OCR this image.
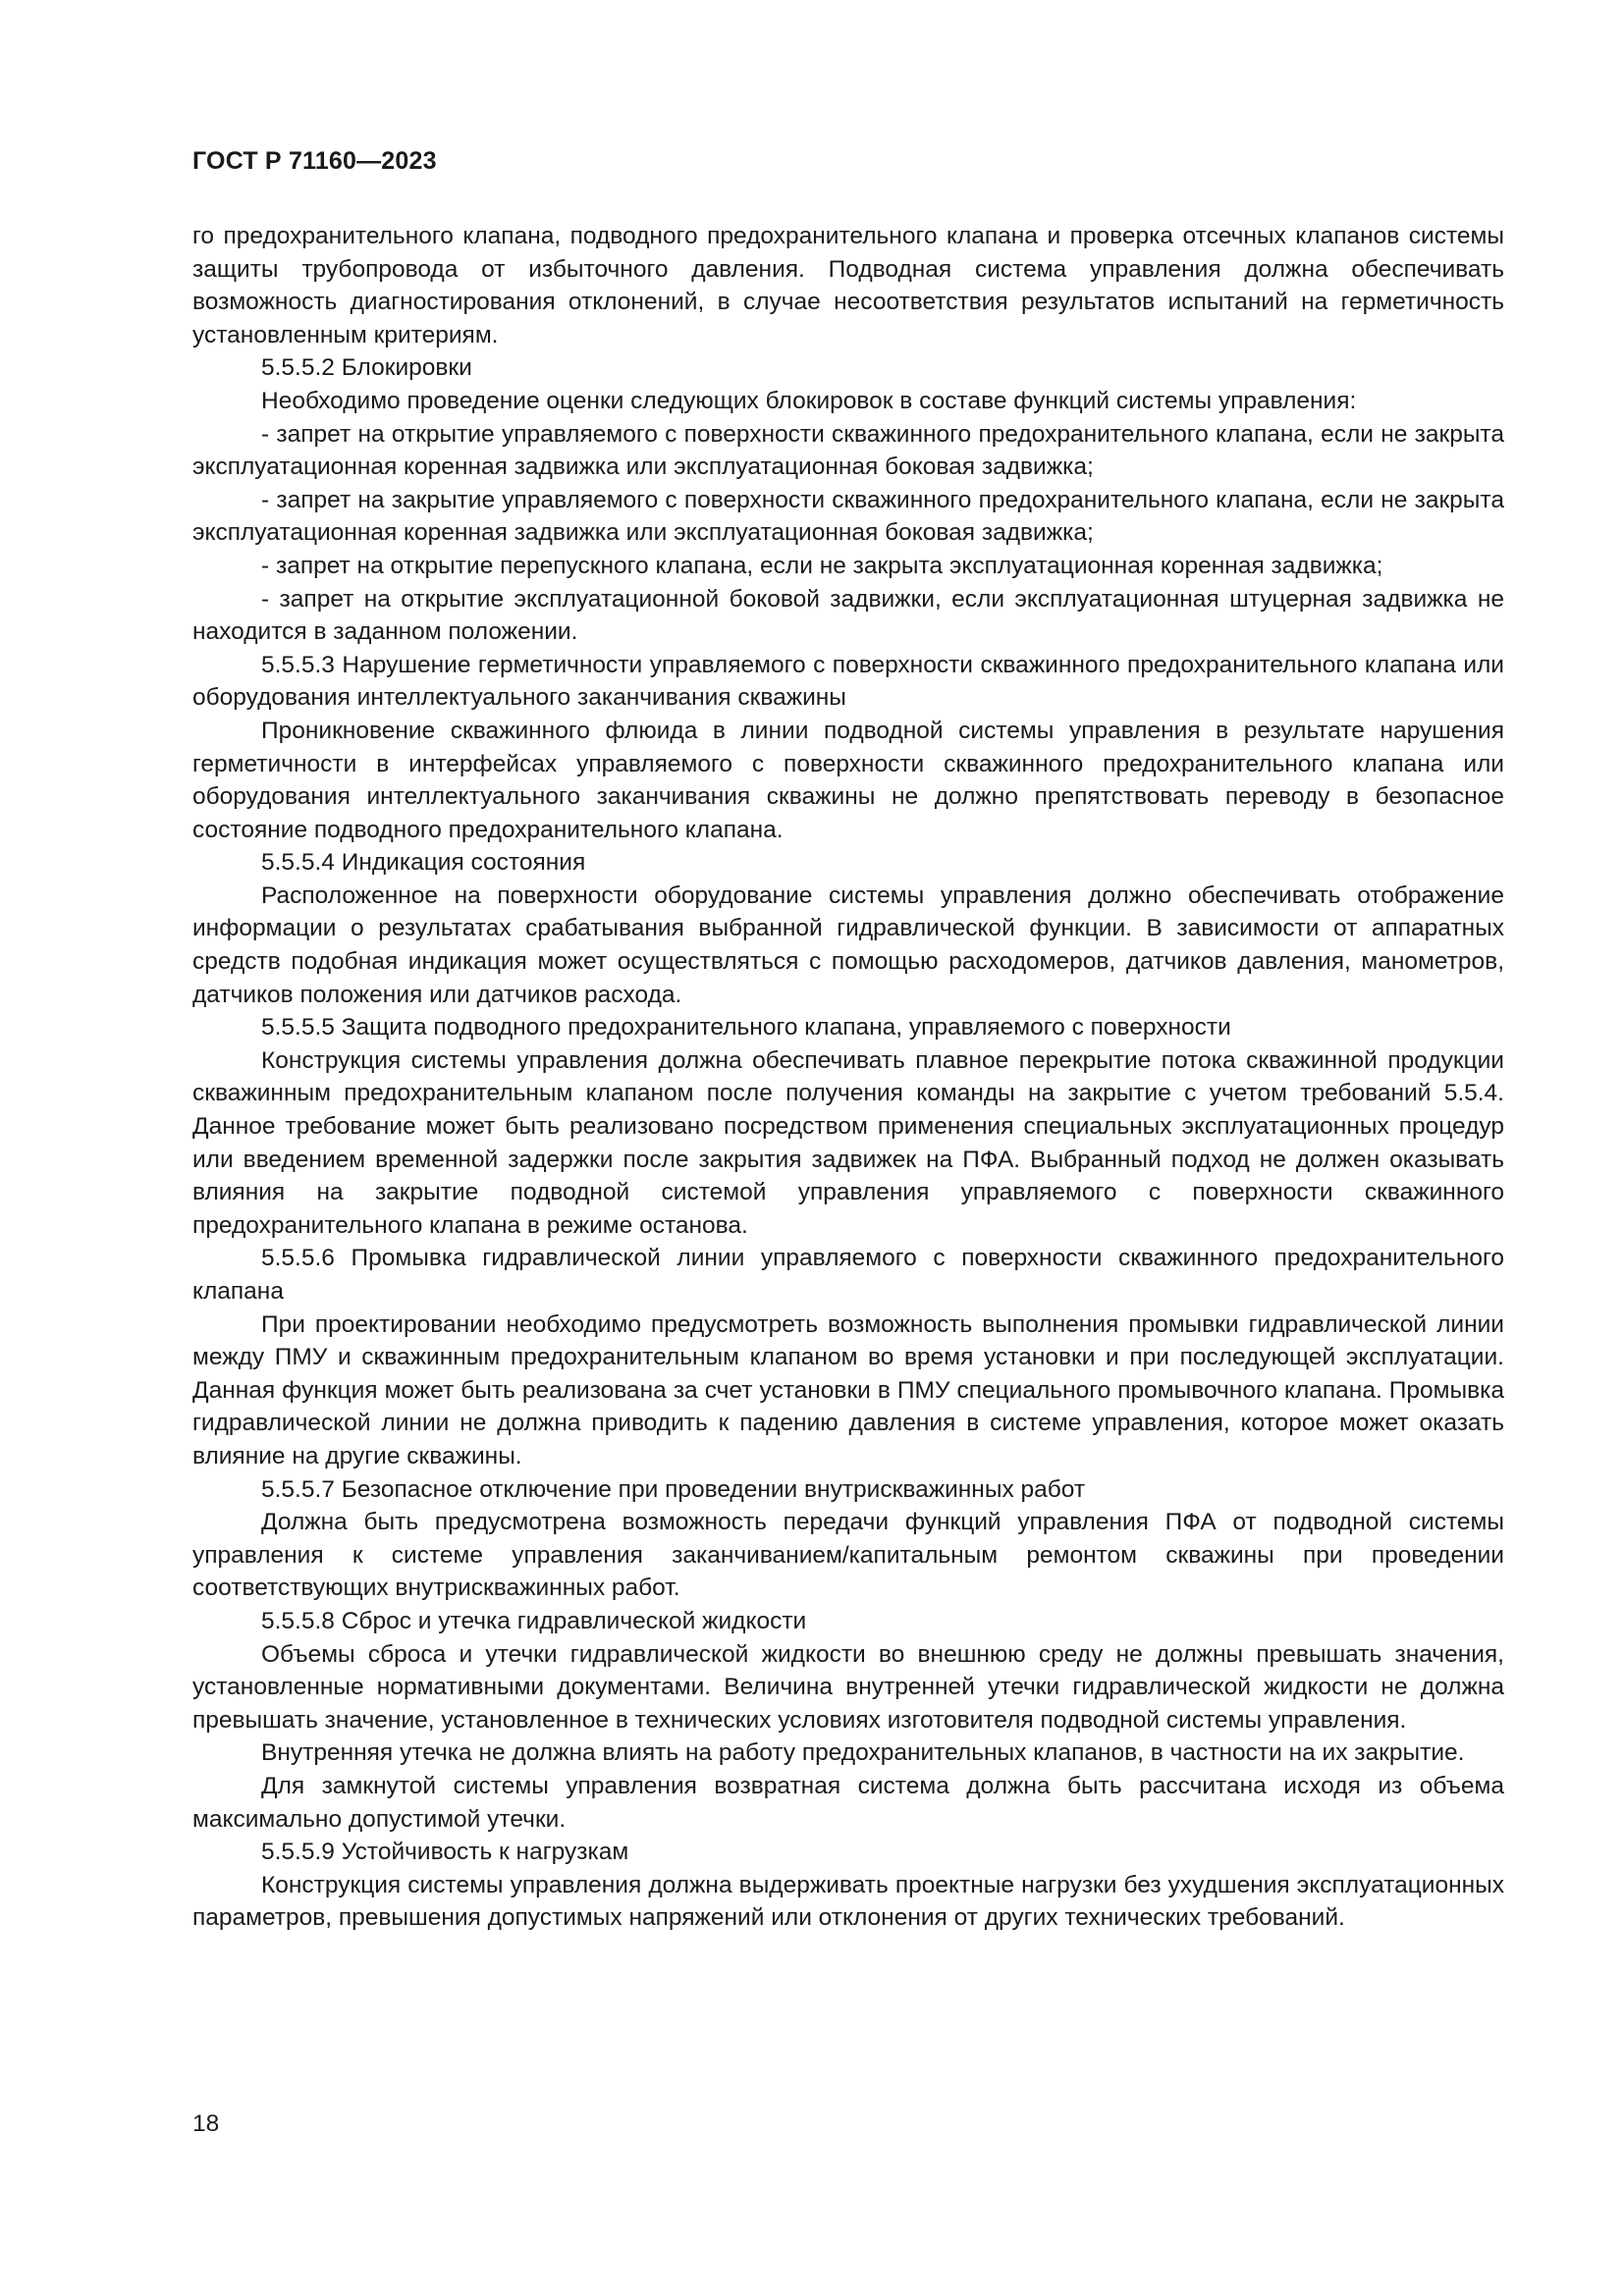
ГОСТ Р 71160—2023

го предохранительного клапана, подводного предохранительного клапана и проверка отсечных клапанов системы защиты трубопровода от избыточного давления. Подводная система управления должна обеспечивать возможность диагностирования отклонений, в случае несоответствия результатов испытаний на герметичность установленным критериям.

5.5.5.2 Блокировки

Необходимо проведение оценки следующих блокировок в составе функций системы управления:

- запрет на открытие управляемого с поверхности скважинного предохранительного клапана, если не закрыта эксплуатационная коренная задвижка или эксплуатационная боковая задвижка;

- запрет на закрытие управляемого с поверхности скважинного предохранительного клапана, если не закрыта эксплуатационная коренная задвижка или эксплуатационная боковая задвижка;

- запрет на открытие перепускного клапана, если не закрыта эксплуатационная коренная задвижка;

- запрет на открытие эксплуатационной боковой задвижки, если эксплуатационная штуцерная задвижка не находится в заданном положении.

5.5.5.3 Нарушение герметичности управляемого с поверхности скважинного предохранительного клапана или оборудования интеллектуального заканчивания скважины

Проникновение скважинного флюида в линии подводной системы управления в результате нарушения герметичности в интерфейсах управляемого с поверхности скважинного предохранительного клапана или оборудования интеллектуального заканчивания скважины не должно препятствовать переводу в безопасное состояние подводного предохранительного клапана.

5.5.5.4 Индикация состояния

Расположенное на поверхности оборудование системы управления должно обеспечивать отображение информации о результатах срабатывания выбранной гидравлической функции. В зависимости от аппаратных средств подобная индикация может осуществляться с помощью расходомеров, датчиков давления, манометров, датчиков положения или датчиков расхода.

5.5.5.5 Защита подводного предохранительного клапана, управляемого с поверхности

Конструкция системы управления должна обеспечивать плавное перекрытие потока скважинной продукции скважинным предохранительным клапаном после получения команды на закрытие с учетом требований 5.5.4. Данное требование может быть реализовано посредством применения специальных эксплуатационных процедур или введением временной задержки после закрытия задвижек на ПФА. Выбранный подход не должен оказывать влияния на закрытие подводной системой управления управляемого с поверхности скважинного предохранительного клапана в режиме останова.

5.5.5.6 Промывка гидравлической линии управляемого с поверхности скважинного предохранительного клапана

При проектировании необходимо предусмотреть возможность выполнения промывки гидравлической линии между ПМУ и скважинным предохранительным клапаном во время установки и при последующей эксплуатации. Данная функция может быть реализована за счет установки в ПМУ специального промывочного клапана. Промывка гидравлической линии не должна приводить к падению давления в системе управления, которое может оказать влияние на другие скважины.

5.5.5.7 Безопасное отключение при проведении внутрискважинных работ

Должна быть предусмотрена возможность передачи функций управления ПФА от подводной системы управления к системе управления заканчиванием/капитальным ремонтом скважины при проведении соответствующих внутрискважинных работ.

5.5.5.8 Сброс и утечка гидравлической жидкости

Объемы сброса и утечки гидравлической жидкости во внешнюю среду не должны превышать значения, установленные нормативными документами. Величина внутренней утечки гидравлической жидкости не должна превышать значение, установленное в технических условиях изготовителя подводной системы управления.

Внутренняя утечка не должна влиять на работу предохранительных клапанов, в частности на их закрытие.

Для замкнутой системы управления возвратная система должна быть рассчитана исходя из объема максимально допустимой утечки.

5.5.5.9 Устойчивость к нагрузкам

Конструкция системы управления должна выдерживать проектные нагрузки без ухудшения эксплуатационных параметров, превышения допустимых напряжений или отклонения от других технических требований.

18
